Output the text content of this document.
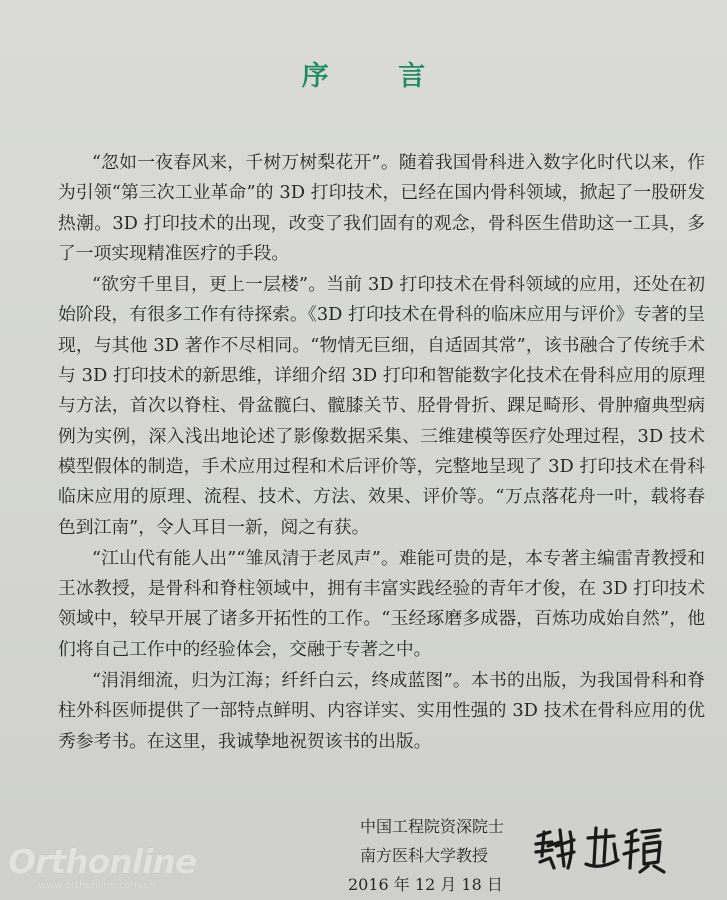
序 言

“忽如一夜春风来，千树万树梨花开”。随着我国骨科进入数字化时代以来，作为引领“第三次工业革命”的 3D 打印技术，已经在国内骨科领域，掀起了一股研发热潮。3D 打印技术的出现，改变了我们固有的观念，骨科医生借助这一工具，多了一项实现精准医疗的手段。

“欲穷千里目，更上一层楼”。当前 3D 打印技术在骨科领域的应用，还处在初始阶段，有很多工作有待探索。《3D 打印技术在骨科的临床应用与评价》专著的呈现，与其他 3D 著作不尽相同。“物情无巨细，自适固其常”，该书融合了传统手术与 3D 打印技术的新思维，详细介绍 3D 打印和智能数字化技术在骨科应用的原理与方法，首次以脊柱、骨盆髋臼、髋膝关节、胫骨骨折、踝足畸形、骨肿瘤典型病例为实例，深入浅出地论述了影像数据采集、三维建模等医疗处理过程，3D 技术模型假体的制造，手术应用过程和术后评价等，完整地呈现了 3D 打印技术在骨科临床应用的原理、流程、技术、方法、效果、评价等。“万点落花舟一叶，载将春色到江南”，令人耳目一新，阅之有获。

“江山代有能人出”“雏凤清于老凤声”。难能可贵的是，本专著主编雷青教授和王冰教授，是骨科和脊柱领域中，拥有丰富实践经验的青年才俊，在 3D 打印技术领域中，较早开展了诸多开拓性的工作。“玉经琢磨多成器，百炼功成始自然”，他们将自己工作中的经验体会，交融于专著之中。

“涓涓细流，归为江海；纤纤白云，终成蓝图”。本书的出版，为我国骨科和脊柱外科医师提供了一部特点鲜明、内容详实、实用性强的 3D 技术在骨科应用的优秀参考书。在这里，我诚挚地祝贺该书的出版。

中国工程院资深院士
南方医科大学教授
2016 年 12 月 18 日
Orthonline
www.orthonline.com.cn
